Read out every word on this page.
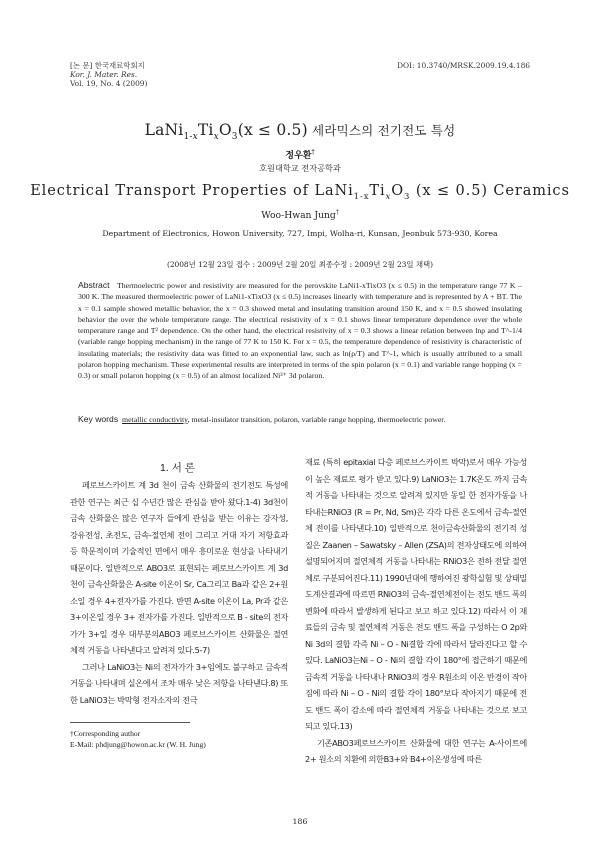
[논 문] 한국재료학회지
Kor. J. Mater. Res.
Vol. 19, No. 4 (2009)
DOI: 10.3740/MRSK.2009.19.4.186
$LaNi_{1-x}Ti_xO_3(x \le 0.5)$ 세라믹스의 전기전도 특성
정우환†
호원대학교 전자공학과
Electrical Transport Properties of $LaNi_{1-x}Ti_xO_3$ (x ≤ 0.5) Ceramics
Woo-Hwan Jung†
Department of Electronics, Howon University, 727, Impi, Wolha-ri, Kunsan, Jeonbuk 573-930, Korea
(2008년 12월 23일 접수 : 2009년 2월 20일 최종수정 : 2009년 2월 23일 채택)
Abstract Thermoelectric power and resistivity are measured for the perovskite LaNi1-xTixO3 (x ≤ 0.5) in the temperature range 77 K – 300 K. The measured thermoelectric power of LaNi1-xTixO3 (x ≤ 0.5) increases linearly with temperature and is represented by A + BT. The x = 0.1 sample showed metallic behavior, the x = 0.3 showed metal and insulating transition around 150 K, and x = 0.5 showed insulating behavior the over the whole temperature range. The electrical resistivity of x = 0.1 shows linear temperature dependence over the whole temperature range and T² dependence. On the other hand, the electrical resistivity of x = 0.3 shows a linear relation between lnρ and T^-1/4 (variable range hopping mechanism) in the range of 77 K to 150 K. For x = 0.5, the temperature dependence of resistivity is characteristic of insulating materials; the resistivity data was fitted to an exponential law, such as ln(ρ/T) and T^-1, which is usually attributed to a small polaron hopping mechanism. These experimental results are interpreted in terms of the spin polaron (x = 0.1) and variable range hopping (x = 0.3) or small polaron hopping (x = 0.5) of an almost localized Ni³⁺ 3d polaron.
Key words metallic conductivity, metal-insulator transition, polaron, variable range hopping, thermoelectric power.
1. 서 론

페로브스카이트 계 3d 천이 금속 산화물의 전기전도 특성에 관한 연구는 최근 십 수년간 많은 관심을 받아 왔다.1-4) 3d천이금속 산화물은 많은 연구자 들에게 관심을 받는 이유는 강자성, 강유전성, 초전도, 금속-절연체 전이 그리고 거대 자기 저항효과 등 학문적이며 기술적인 면에서 매우 흥미로운 현상을 나타내기 때문이다. 일반적으로 ABO3로 표현되는 페로브스카이트 계 3d 천이 금속산화물은 A-site 이온이 Sr, Ca그리고 Ba과 같은 2+원소일 경우 4+전자가를 가진다. 반면 A-site 이온이 La, Pr과 같은 3+이온일 경우 3+ 전자가를 가진다. 일반적으로 B - site의 전자가가 3+일 경우 대부분의ABO3 페로브스카이트 산화물은 절연체적 거동을 나타낸다고 알려져 있다.5-7)

그러나 LaNiO3는 Ni의 전자가가 3+임에도 불구하고 금속적 거동을 나타내며 실온에서 조차 매우 낮은 저항을 나타낸다.8) 또한 LaNiO3는 박막형 전자소자의 전극

재료 (특히 epitaxial 다층 페로브스카이트 박막)로서 매우 가능성이 높은 재료로 평가 받고 있다.9) LaNiO3는 1.7K온도 까지 금속적 거동을 나타내는 것으로 알려져 있지만 동일 한 전자가동을 나타내는RNiO3 (R = Pr, Nd, Sm)은 각각 다른 온도에서 금속-절연체 전이를 나타낸다.10) 일반적으로 천이금속산화물의 전기적 성질은 Zaanen – Sawatsky – Allen (ZSA)의 전자상태도에 의하여 설명되어지며 절연체적 거동을 나타내는 RNiO3은 전하 전달 절연체로 구분되어진다.11) 1990년대에 행하여진 광학실험 및 상태밀도계산결과에 따르면 RNiO3의 금속-절연체전이는 전도 밴드 폭의 변화에 따라서 발생하게 된다고 보고 하고 있다.12) 따라서 이 재료들의 금속 및 절연체적 거동은 전도 밴드 폭을 구성하는 O 2p와 Ni 3d의 결합 각즉 Ni – O - Ni결합 각에 따라서 달라진다고 할 수 있다. LaNiO3는Ni – O - Ni의 결합 각이 180°에 접근하기 때문에 금속적 거동을 나타내나 RNiO3의 경우 R원소의 이온 반경이 작아짐에 따라 Ni – O - Ni의 결합 각이 180°보다 작아지기 때문에 전도 밴드 폭이 감소에 따라 절연체적 거동을 나타내는 것으로 보고 되고 있다.13)

기존ABO3페로브스카이트 산화물에 대한 연구는 A-사이트에 2+ 원소의 치환에 의한B3+와 B4+이온생성에 따른

†Corresponding author
E-Mail: phdjung@howon.ac.kr (W. H. Jung)
186
